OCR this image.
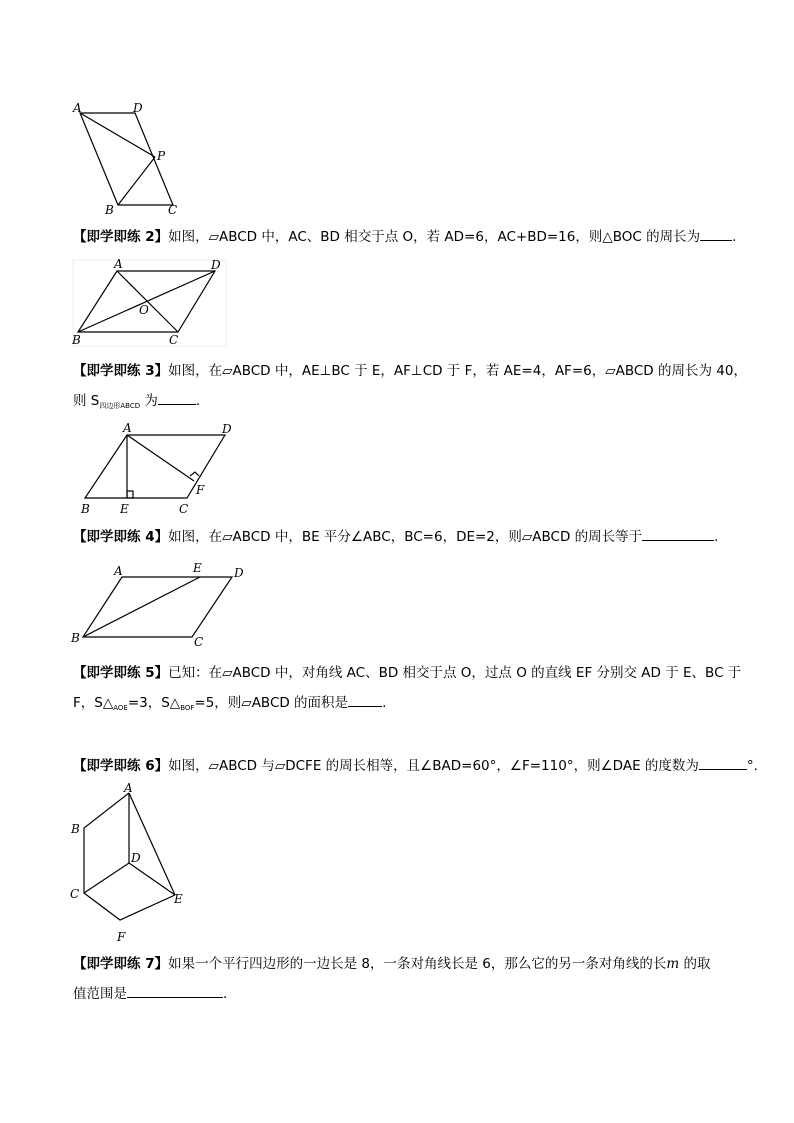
A	D
P
B	C
【即学即练 2】如图，▱ABCD 中，AC、BD 相交于点 O，若 AD=6，AC+BD=16，则△BOC 的周长为 .
A	D
O
B	C
【即学即练 3】如图，在▱ABCD 中，AE⊥BC 于 E，AF⊥CD 于 F，若 AE=4，AF=6，▱ABCD 的周长为 40，
则 $S_{四边形ABCD}$ 为	.
A	D
F
B	E	C
【即学即练 4】如图，在▱ABCD 中，BE 平分∠ABC，BC=6，DE=2，则▱ABCD 的周长等于	.
A	E	D
B	C
【即学即练 5】已知：在▱ABCD 中，对角线 AC、BD 相交于点 O，过点 O 的直线 EF 分别交 AD 于 E、BC 于
F，$S\triangle_{AOE}=3$，$S\triangle_{BOF}=5$，则▱ABCD 的面积是	.
【即学即练 6】如图，▱ABCD 与▱DCFE 的周长相等，且∠BAD=60°，∠F=110°，则∠DAE 的度数为	°.
A
B
D
C	E
F
【即学即练 7】如果一个平行四边形的一边长是 8，一条对角线长是 6，那么它的另一条对角线的长m 的取
值范围是	.
